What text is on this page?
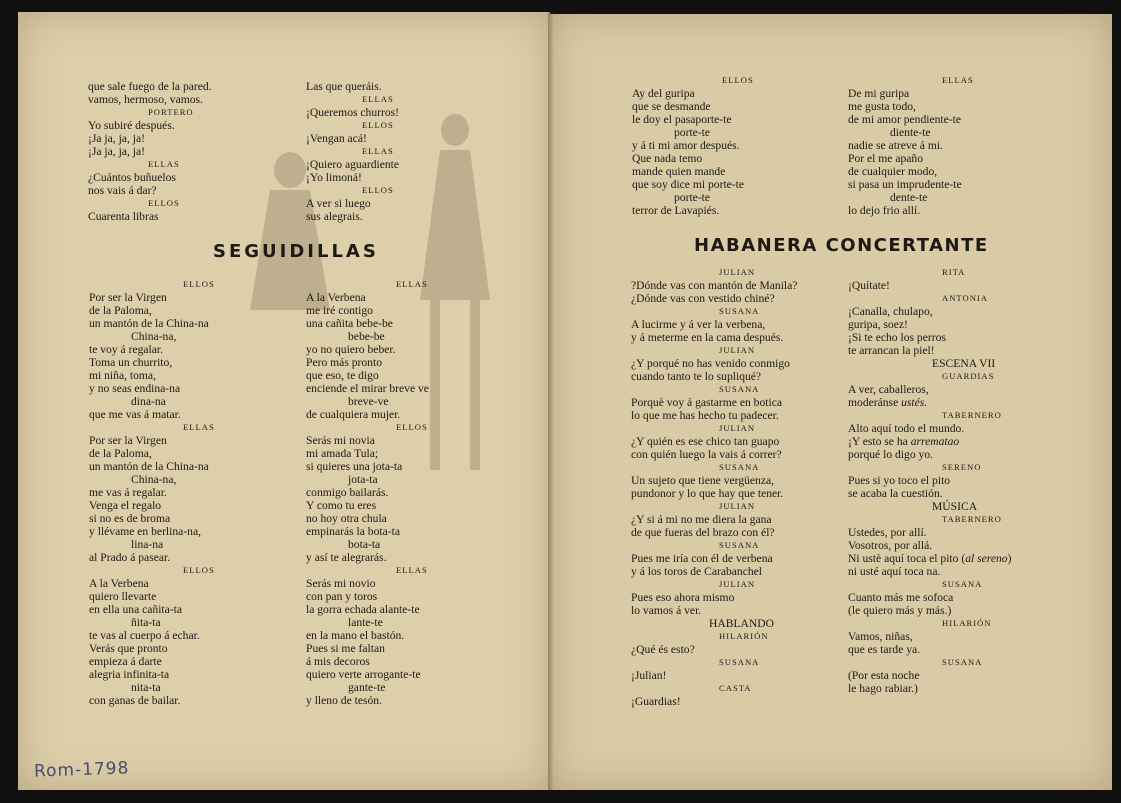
que sale fuego de la pared.
vamos, hermoso, vamos.
PORTERO
Yo subiré después.
¡Ja ja, ja, ja!
¡Ja ja, ja, ja!
ELLAS
¿Cuántos buñuelos
nos vais á dar?
ELLOS
Cuarenta libras
Las que queráis.
ELLAS
¡Queremos churros!
ELLOS
¡Vengan acá!
ELLAS
¡Quiero aguardiente
¡Yo limoná!
ELLOS
A ver si luego
sus alegrais.
SEGUIDILLAS
ELLOS
Por ser la Virgen
de la Paloma,
un mantón de la China-na
China-na,
te voy á regalar.
Toma un churrito,
mi niña, toma,
y no seas endina-na
dina-na
que me vas á matar.
ELLAS
Por ser la Virgen
de la Paloma,
un mantón de la China-na
China-na,
me vas á regalar.
Venga el regalo
si no es de broma
y llévame en berlina-na,
lina-na
al Prado á pasear.
ELLOS
A la Verbena
quiero llevarte
en ella una cañita-ta
ñita-ta
te vas al cuerpo á echar.
Verás que pronto
empieza á darte
alegria infinita-ta
nita-ta
con ganas de bailar.
ELLAS
A la Verbena
me iré contigo
una cañita bebe-be
bebe-be
yo no quiero beber.
Pero más pronto
que eso, te digo
enciende el mirar breve ve
breve-ve
de cualquiera mujer.
ELLOS
Serás mi novia
mi amada Tula;
si quieres una jota-ta
jota-ta
conmigo bailarás.
Y como tu eres
no hoy otra chula
empinarás la bota-ta
bota-ta
y así te alegrarás.
ELLAS
Serás mi novio
con pan y toros
la gorra echada alante-te
lante-te
en la mano el bastón.
Pues si me faltan
á mis decoros
quiero verte arrogante-te
gante-te
y lleno de tesón.
ELLOS
Ay del guripa
que se desmande
le doy el pasaporte-te
porte-te
y á ti mi amor después.
Que nada temo
mande quien mande
que soy dice mi porte-te
porte-te
terror de Lavapiés.
ELLAS
De mi guripa
me gusta todo,
de mi amor pendiente-te
diente-te
nadie se atreve á mi.
Por el me apaño
de cualquier modo,
si pasa un imprudente-te
dente-te
lo dejo frio allí.
HABANERA CONCERTANTE
JULIAN
?Dónde vas con mantón de Manila?
¿Dónde vas con vestido chiné?
SUSANA
A lucirme y á ver la verbena,
y á meterme en la cama después.
JULIAN
¿Y porqué no has venido conmigo
cuando tanto te lo supliqué?
SUSANA
Porquè voy á gastarme en botica
lo que me has hecho tu padecer.
JULIAN
¿Y quién es ese chico tan guapo
con quién luego la vais á correr?
SUSANA
Un sujeto que tiene vergüenza,
pundonor y lo que hay que tener.
JULIAN
¿Y si á mi no me diera la gana
de que fueras del brazo con él?
SUSANA
Pues me iría con él de verbena
y á los toros de Carabanchel
JULIAN
Pues eso ahora mismo
lo vamos á ver.
HABLANDO
HILARIÓN
¿Qué és esto?
SUSANA
¡Julian!
CASTA
¡Guardias!
RITA
¡Quítate!
ANTONIA
¡Canalla, chulapo,
guripa, soez!
¡Si te echo los perros
te arrancan la piel!
ESCENA VII
GUARDIAS
A ver, caballeros,
moderánse ustés.
TABERNERO
Alto aquí todo el mundo.
¡Y esto se ha arrematao
porqué lo digo yo.
SERENO
Pues si yo toco el pito
se acaba la cuestión.
MÚSICA
TABERNERO
Ustedes, por allí.
Vosotros, por allá.
Ni ustè aquí toca el pito (al sereno)
ni usté aquí toca na.
SUSANA
Cuanto más me sofoca
(le quiero más y más.)
HILARIÓN
Vamos, niñas,
que es tarde ya.
SUSANA
(Por esta noche
le hago rabiar.)
Rom-1798
